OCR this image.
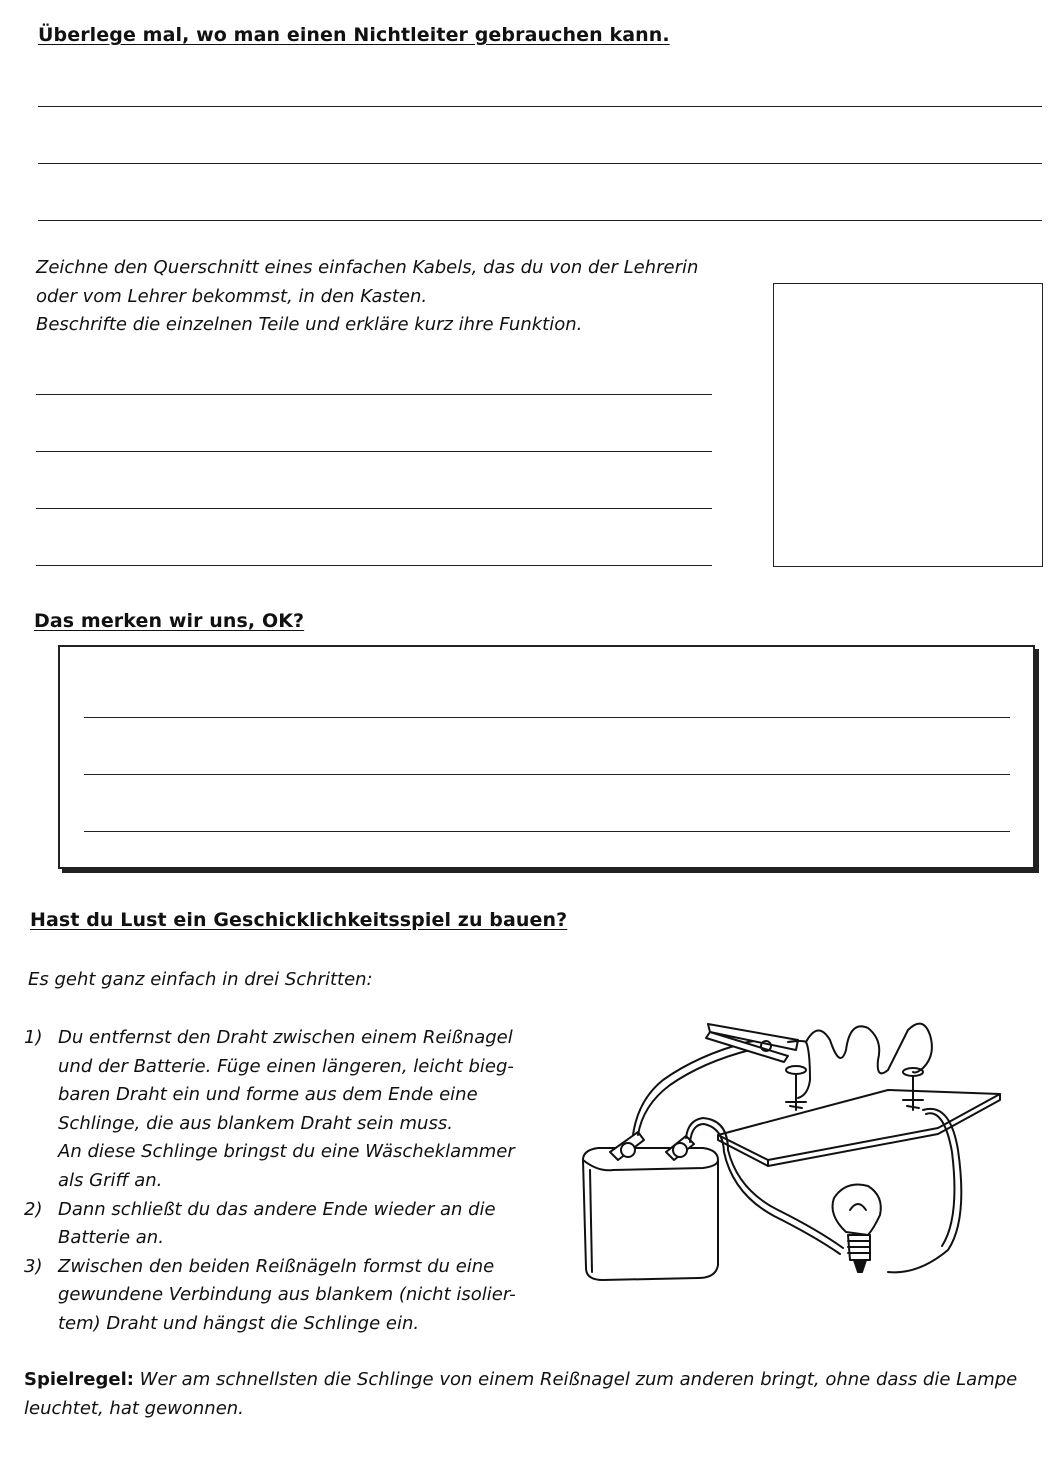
Überlege mal, wo man einen Nichtleiter gebrauchen kann.
Zeichne den Querschnitt eines einfachen Kabels, das du von der Lehrerin
oder vom Lehrer bekommst, in den Kasten.
Beschrifte die einzelnen Teile und erkläre kurz ihre Funktion.
Das merken wir uns, OK?
Hast du Lust ein Geschicklichkeitsspiel zu bauen?
Es geht ganz einfach in drei Schritten:
1) Du entfernst den Draht zwischen einem Reißnagel
und der Batterie. Füge einen längeren, leicht bieg-
baren Draht ein und forme aus dem Ende eine
Schlinge, die aus blankem Draht sein muss.
An diese Schlinge bringst du eine Wäscheklammer
als Griff an.
2) Dann schließt du das andere Ende wieder an die
Batterie an.
3) Zwischen den beiden Reißnägeln formst du eine
gewundene Verbindung aus blankem (nicht isolier-
tem) Draht und hängst die Schlinge ein.
Spielregel: Wer am schnellsten die Schlinge von einem Reißnagel zum anderen bringt, ohne dass die Lampe leuchtet, hat gewonnen.
